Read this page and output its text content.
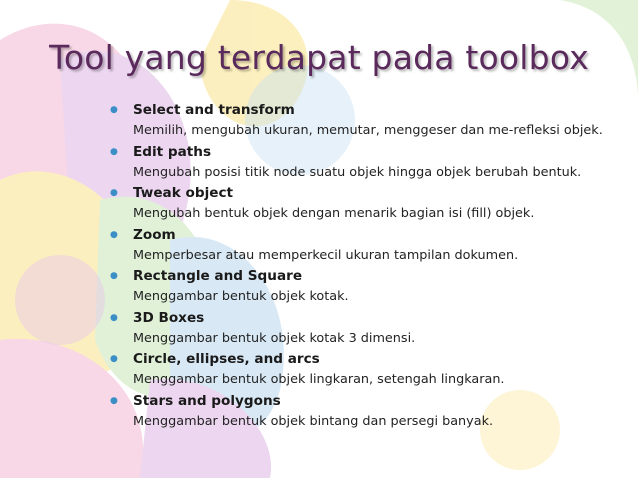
Tool yang terdapat pada toolbox
● Select and transform
Memilih, mengubah ukuran, memutar, menggeser dan me-refleksi objek.
● Edit paths
Mengubah posisi titik node suatu objek hingga objek berubah bentuk.
● Tweak object
Mengubah bentuk objek dengan menarik bagian isi (fill) objek.
● Zoom
Memperbesar atau memperkecil ukuran tampilan dokumen.
● Rectangle and Square
Menggambar bentuk objek kotak.
● 3D Boxes
Menggambar bentuk objek kotak 3 dimensi.
● Circle, ellipses, and arcs
Menggambar bentuk objek lingkaran, setengah lingkaran.
● Stars and polygons
Menggambar bentuk objek bintang dan persegi banyak.
